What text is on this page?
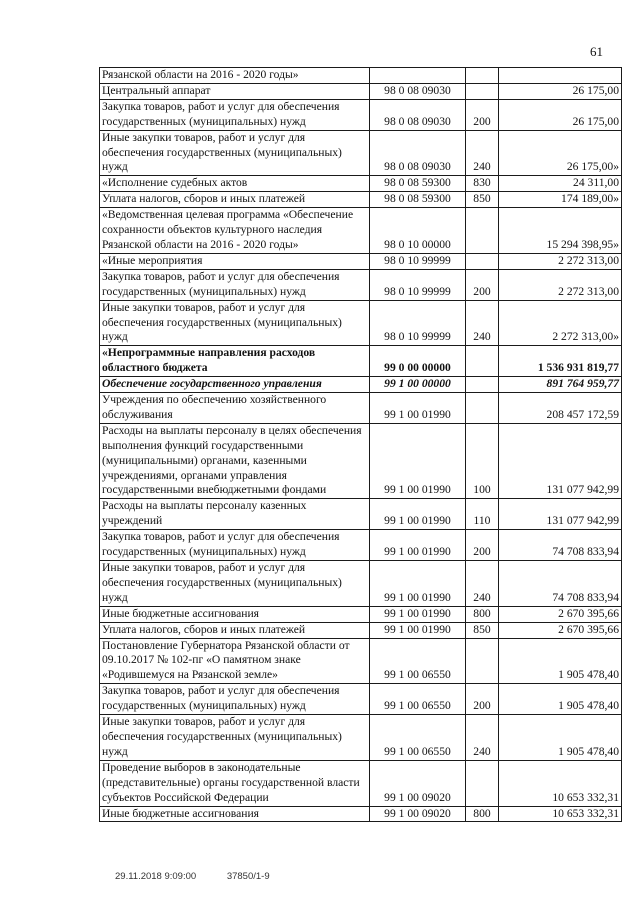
61
Рязанской области на 2016 - 2020 годы»			
Центральный аппарат	98 0 08 09030		26 175,00
Закупка товаров, работ и услуг для обеспечения государственных (муниципальных) нужд	98 0 08 09030	200	26 175,00
Иные закупки товаров, работ и услуг для обеспечения государственных (муниципальных) нужд	98 0 08 09030	240	26 175,00»
«Исполнение судебных актов	98 0 08 59300	830	24 311,00
Уплата налогов, сборов и иных платежей	98 0 08 59300	850	174 189,00»
«Ведомственная целевая программа «Обеспечение сохранности объектов культурного наследия Рязанской области на 2016 - 2020 годы»	98 0 10 00000		15 294 398,95»
«Иные мероприятия	98 0 10 99999		2 272 313,00
Закупка товаров, работ и услуг для обеспечения государственных (муниципальных) нужд	98 0 10 99999	200	2 272 313,00
Иные закупки товаров, работ и услуг для обеспечения государственных (муниципальных) нужд	98 0 10 99999	240	2 272 313,00»
«Непрограммные направления расходов областного бюджета	99 0 00 00000		1 536 931 819,77
Обеспечение государственного управления	99 1 00 00000		891 764 959,77
Учреждения по обеспечению хозяйственного обслуживания	99 1 00 01990		208 457 172,59
Расходы на выплаты персоналу в целях обеспечения выполнения функций государственными (муниципальными) органами, казенными учреждениями, органами управления государственными внебюджетными фондами	99 1 00 01990	100	131 077 942,99
Расходы на выплаты персоналу казенных учреждений	99 1 00 01990	110	131 077 942,99
Закупка товаров, работ и услуг для обеспечения государственных (муниципальных) нужд	99 1 00 01990	200	74 708 833,94
Иные закупки товаров, работ и услуг для обеспечения государственных (муниципальных) нужд	99 1 00 01990	240	74 708 833,94
Иные бюджетные ассигнования	99 1 00 01990	800	2 670 395,66
Уплата налогов, сборов и иных платежей	99 1 00 01990	850	2 670 395,66
Постановление Губернатора Рязанской области от 09.10.2017 № 102-пг «О памятном знаке «Родившемуся на Рязанской земле»	99 1 00 06550		1 905 478,40
Закупка товаров, работ и услуг для обеспечения государственных (муниципальных) нужд	99 1 00 06550	200	1 905 478,40
Иные закупки товаров, работ и услуг для обеспечения государственных (муниципальных) нужд	99 1 00 06550	240	1 905 478,40
Проведение выборов в законодательные (представительные) органы государственной власти субъектов Российской Федерации	99 1 00 09020		10 653 332,31
Иные бюджетные ассигнования	99 1 00 09020	800	10 653 332,31
29.11.2018 9:09:00	37850/1-9
